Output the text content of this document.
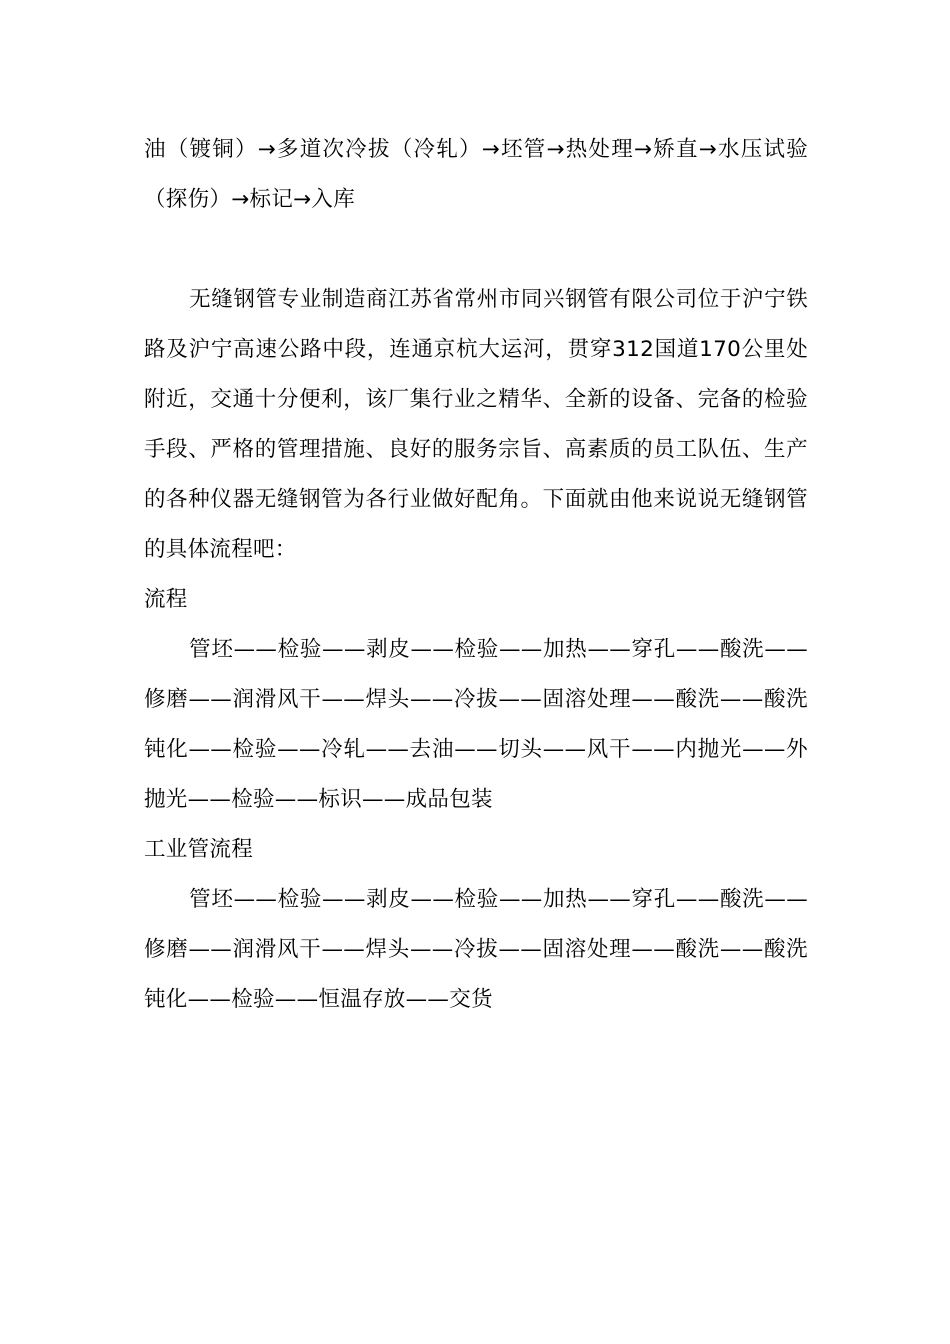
油（镀铜）→多道次冷拔（冷轧）→坯管→热处理→矫直→水压试验（探伤）→标记→入库

无缝钢管专业制造商江苏省常州市同兴钢管有限公司位于沪宁铁路及沪宁高速公路中段，连通京杭大运河，贯穿312国道170公里处附近，交通十分便利，该厂集行业之精华、全新的设备、完备的检验手段、严格的管理措施、良好的服务宗旨、高素质的员工队伍、生产的各种仪器无缝钢管为各行业做好配角。下面就由他来说说无缝钢管的具体流程吧：

流程

管坯——检验——剥皮——检验——加热——穿孔——酸洗——修磨——润滑风干——焊头——冷拔——固溶处理——酸洗——酸洗钝化——检验——冷轧——去油——切头——风干——内抛光——外抛光——检验——标识——成品包装

工业管流程

管坯——检验——剥皮——检验——加热——穿孔——酸洗——修磨——润滑风干——焊头——冷拔——固溶处理——酸洗——酸洗钝化——检验——恒温存放——交货
